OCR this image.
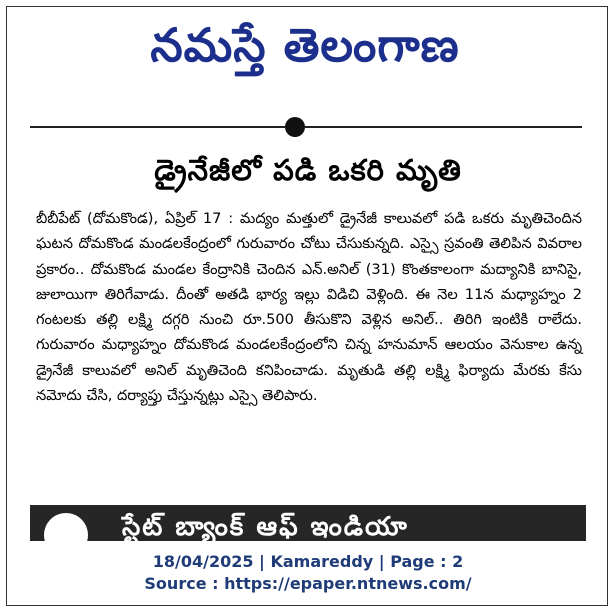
నమస్తే తెలంగాణ
డ్రైనేజీలో పడి ఒకరి మృతి

బీబీపేట్ (దోమకొండ), ఏప్రిల్ 17 : మద్యం మత్తులో డ్రైనేజీ కాలువలో పడి ఒకరు మృతిచెందిన ఘటన దోమకొండ మండలకేంద్రంలో గురువారం చోటు చేసుకున్నది. ఎస్సై స్రవంతి తెలిపిన వివరాల ప్రకారం.. దోమకొండ మండల కేంద్రానికి చెందిన ఎన్.అనిల్ (31) కొంతకాలంగా మద్యానికి బానిసై, జులాయిగా తిరిగేవాడు. దీంతో అతడి భార్య ఇల్లు విడిచి వెళ్లింది. ఈ నెల 11న మధ్యాహ్నం 2 గంటలకు తల్లి లక్ష్మి దగ్గరి నుంచి రూ.500 తీసుకొని వెళ్లిన అనిల్.. తిరిగి ఇంటికి రాలేదు. గురువారం మధ్యాహ్నం దోమకొండ మండలకేంద్రంలోని చిన్న హనుమాన్ ఆలయం వెనుకాల ఉన్న డ్రైనేజీ కాలువలో అనిల్ మృతిచెంది కనిపించాడు. మృతుడి తల్లి లక్ష్మి ఫిర్యాదు మేరకు కేసు నమోదు చేసి, దర్యాప్తు చేస్తున్నట్లు ఎస్సై తెలిపారు.

స్టేట్ బ్యాంక్ ఆఫ్ ఇండియా
18/04/2025 | Kamareddy | Page : 2
Source : https://epaper.ntnews.com/
